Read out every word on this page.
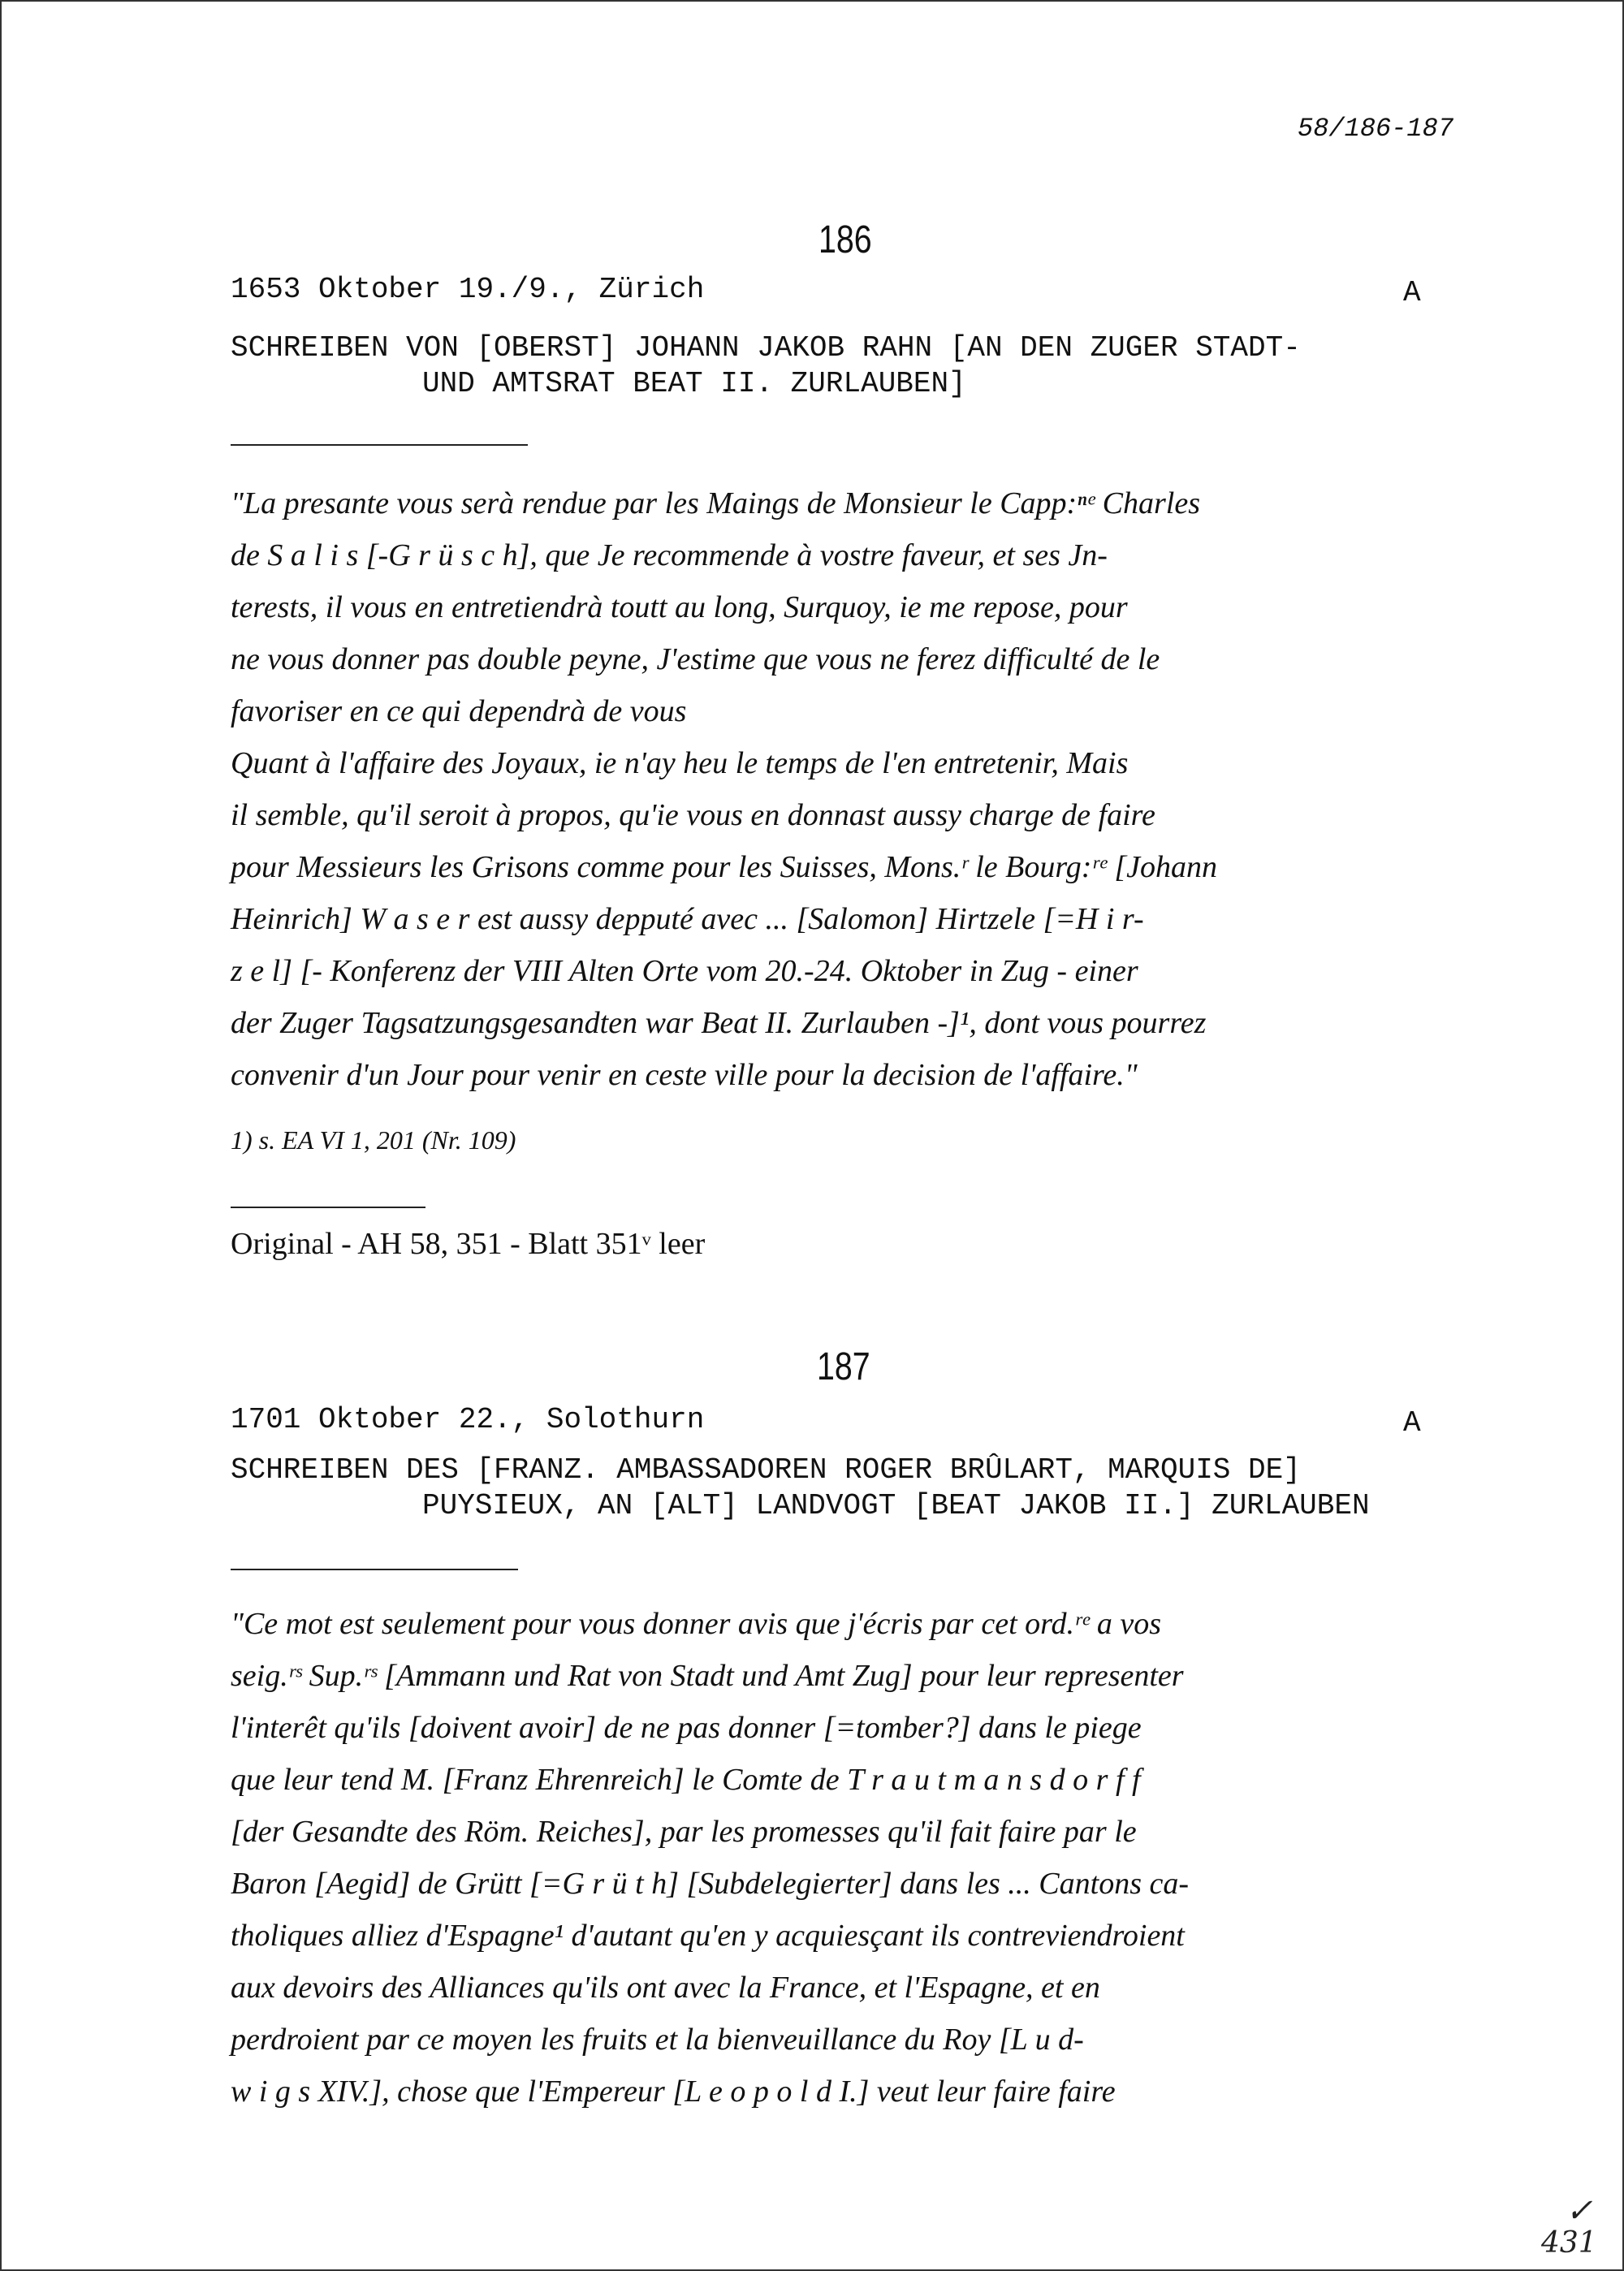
58/186-187
186
1653 Oktober 19./9., Zürich	A
SCHREIBEN VON [OBERST] JOHANN JAKOB RAHN [AN DEN ZUGER STADT-
UND AMTSRAT BEAT II. ZURLAUBEN]

"La presante vous serà rendue par les Maings de Monsieur le Capp:ⁿᵉ Charles

de S a l i s [-G r ü s c h], que Je recommende à vostre faveur, et ses Jn-

terests, il vous en entretiendrà toutt au long, Surquoy, ie me repose, pour

ne vous donner pas double peyne, J'estime que vous ne ferez difficulté de le

favoriser en ce qui dependrà de vous

Quant à l'affaire des Joyaux, ie n'ay heu le temps de l'en entretenir, Mais

il semble, qu'il seroit à propos, qu'ie vous en donnast aussy charge de faire

pour Messieurs les Grisons comme pour les Suisses, Mons.ʳ le Bourg:ʳᵉ [Johann

Heinrich] W a s e r est aussy depputé avec ... [Salomon] Hirtzele [=H i r-

z e l] [- Konferenz der VIII Alten Orte vom 20.-24. Oktober in Zug - einer

der Zuger Tagsatzungsgesandten war Beat II. Zurlauben -]¹, dont vous pourrez

convenir d'un Jour pour venir en ceste ville pour la decision de l'affaire."

1) s. EA VI 1, 201 (Nr. 109)
Original - AH 58, 351 - Blatt 351ᵛ leer
187
1701 Oktober 22., Solothurn	A
SCHREIBEN DES [FRANZ. AMBASSADOREN ROGER BRÛLART, MARQUIS DE]
PUYSIEUX, AN [ALT] LANDVOGT [BEAT JAKOB II.] ZURLAUBEN

"Ce mot est seulement pour vous donner avis que j'écris par cet ord.ʳᵉ a vos

seig.ʳˢ Sup.ʳˢ [Ammann und Rat von Stadt und Amt Zug] pour leur representer

l'interêt qu'ils [doivent avoir] de ne pas donner [=tomber?] dans le piege

que leur tend M. [Franz Ehrenreich] le Comte de T r a u t m a n s d o r f f

[der Gesandte des Röm. Reiches], par les promesses qu'il fait faire par le

Baron [Aegid] de Grütt [=G r ü t h] [Subdelegierter] dans les ... Cantons ca-

tholiques alliez d'Espagne¹ d'autant qu'en y acquiesçant ils contreviendroient

aux devoirs des Alliances qu'ils ont avec la France, et l'Espagne, et en

perdroient par ce moyen les fruits et la bienveuillance du Roy [L u d-

w i g s XIV.], chose que l'Empereur [L e o p o l d I.] veut leur faire faire

✓
431
